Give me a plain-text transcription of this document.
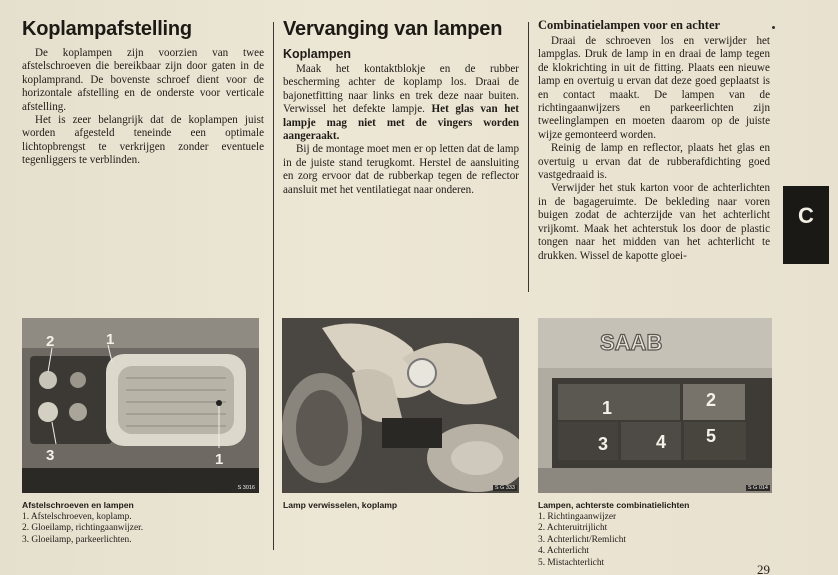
Koplampafstelling

De koplampen zijn voorzien van twee afstelschroeven die bereikbaar zijn door gaten in de koplamprand. De bovenste schroef dient voor de horizontale afstelling en de onderste voor verticale afstelling.

Het is zeer belangrijk dat de koplampen juist worden afgesteld teneinde een optimale lichtopbrengst te verkrijgen zonder eventuele tegenliggers te verblinden.

Vervanging van lampen
Koplampen

Maak het kontaktblokje en de rubber bescherming achter de koplamp los. Draai de bajonetfitting naar links en trek deze naar buiten. Verwissel het defekte lampje. Het glas van het lampje mag niet met de vingers worden aangeraakt.

Bij de montage moet men er op letten dat de lamp in de juiste stand terugkomt. Herstel de aansluiting en zorg ervoor dat de rubberkap tegen de reflector aansluit met het ventilatiegat naar onderen.

Combinatielampen voor en achter

Draai de schroeven los en verwijder het lampglas. Druk de lamp in en draai de lamp tegen de klokrichting in uit de fitting. Plaats een nieuwe lamp en overtuig u ervan dat deze goed geplaatst is en contact maakt. De lampen van de richtingaanwijzers en parkeerlichten zijn tweelinglampen en moeten daarom op de juiste wijze gemonteerd worden.

Reinig de lamp en reflector, plaats het glas en overtuig u ervan dat de rubberafdichting goed vastgedraaid is.

Verwijder het stuk karton voor de achterlichten in de bagageruimte. De bekleding naar voren buigen zodat de achterzijde van het achterlicht vrijkomt. Maak het achterstuk los door de plastic tongen naar het midden van het achterlicht te drukken. Wissel de kapotte gloei-

2	1
3	1
S 3016	S G 333
SAAB
1	2
3	4 5
S G 014
Afstelschroeven en lampen
1. Afstelschroeven, koplamp.
2. Gloeilamp, richtingaanwijzer.
3. Gloeilamp, parkeerlichten.
Lamp verwisselen, koplamp	Lampen, achterste combinatielichten
1. Richtingaanwijzer
2. Achteruitrijlicht
3. Achterlicht/Remlicht
4. Achterlicht
5. Mistachterlicht
C
29
